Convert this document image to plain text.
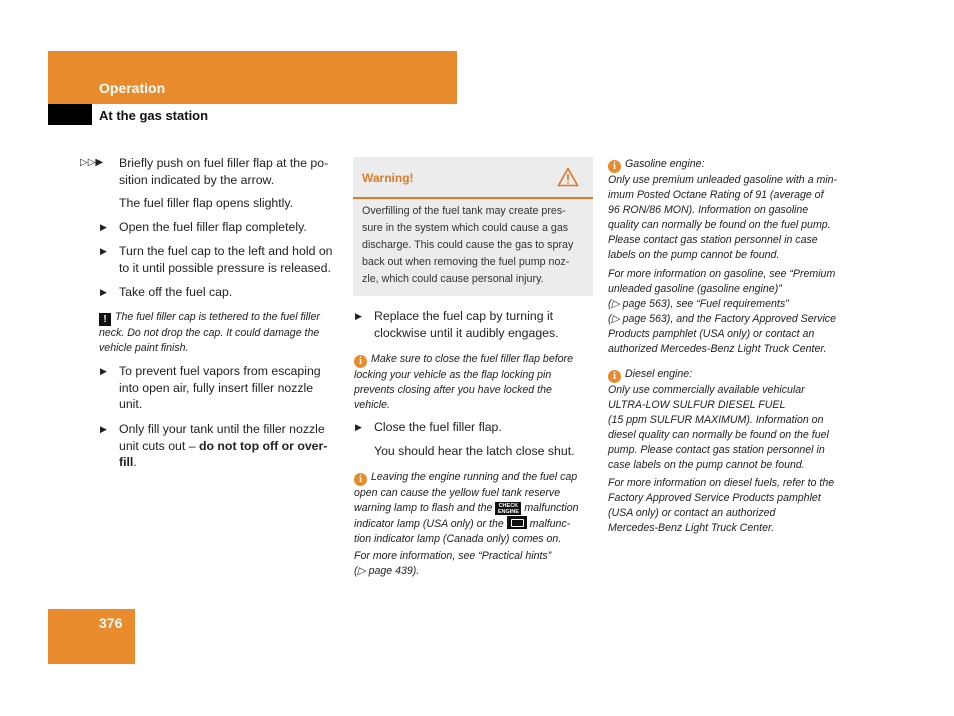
Operation
At the gas station
▷▷▶ Briefly push on fuel filler flap at the po-
sition indicated by the arrow.
The fuel filler flap opens slightly.
▶ Open the fuel filler flap completely.
▶ Turn the fuel cap to the left and hold on
to it until possible pressure is released.
▶ Take off the fuel cap.
! The fuel filler cap is tethered to the fuel filler
neck. Do not drop the cap. It could damage the
vehicle paint finish.
▶ To prevent fuel vapors from escaping
into open air, fully insert filler nozzle
unit.
▶ Only fill your tank until the filler nozzle
unit cuts out – do not top off or over-
fill.
Warning!
Overfilling of the fuel tank may create pres-
sure in the system which could cause a gas
discharge. This could cause the gas to spray
back out when removing the fuel pump noz-
zle, which could cause personal injury.
▶ Replace the fuel cap by turning it
clockwise until it audibly engages.
i Make sure to close the fuel filler flap before
locking your vehicle as the flap locking pin
prevents closing after you have locked the
vehicle.
▶ Close the fuel filler flap.
You should hear the latch close shut.
i Leaving the engine running and the fuel cap
open can cause the yellow fuel tank reserve
warning lamp to flash and the CHECK ENGINE malfunction
indicator lamp (USA only) or the malfunc-
tion indicator lamp (Canada only) comes on.
For more information, see “Practical hints”
(▷ page 439).
i Gasoline engine:
Only use premium unleaded gasoline with a min-
imum Posted Octane Rating of 91 (average of
96 RON/86 MON). Information on gasoline
quality can normally be found on the fuel pump.
Please contact gas station personnel in case
labels on the pump cannot be found.
For more information on gasoline, see “Premium
unleaded gasoline (gasoline engine)”
(▷ page 563), see “Fuel requirements”
(▷ page 563), and the Factory Approved Service
Products pamphlet (USA only) or contact an
authorized Mercedes-Benz Light Truck Center.
i Diesel engine:
Only use commercially available vehicular
ULTRA-LOW SULFUR DIESEL FUEL
(15 ppm SULFUR MAXIMUM). Information on
diesel quality can normally be found on the fuel
pump. Please contact gas station personnel in
case labels on the pump cannot be found.
For more information on diesel fuels, refer to the
Factory Approved Service Products pamphlet
(USA only) or contact an authorized
Mercedes-Benz Light Truck Center.
376
